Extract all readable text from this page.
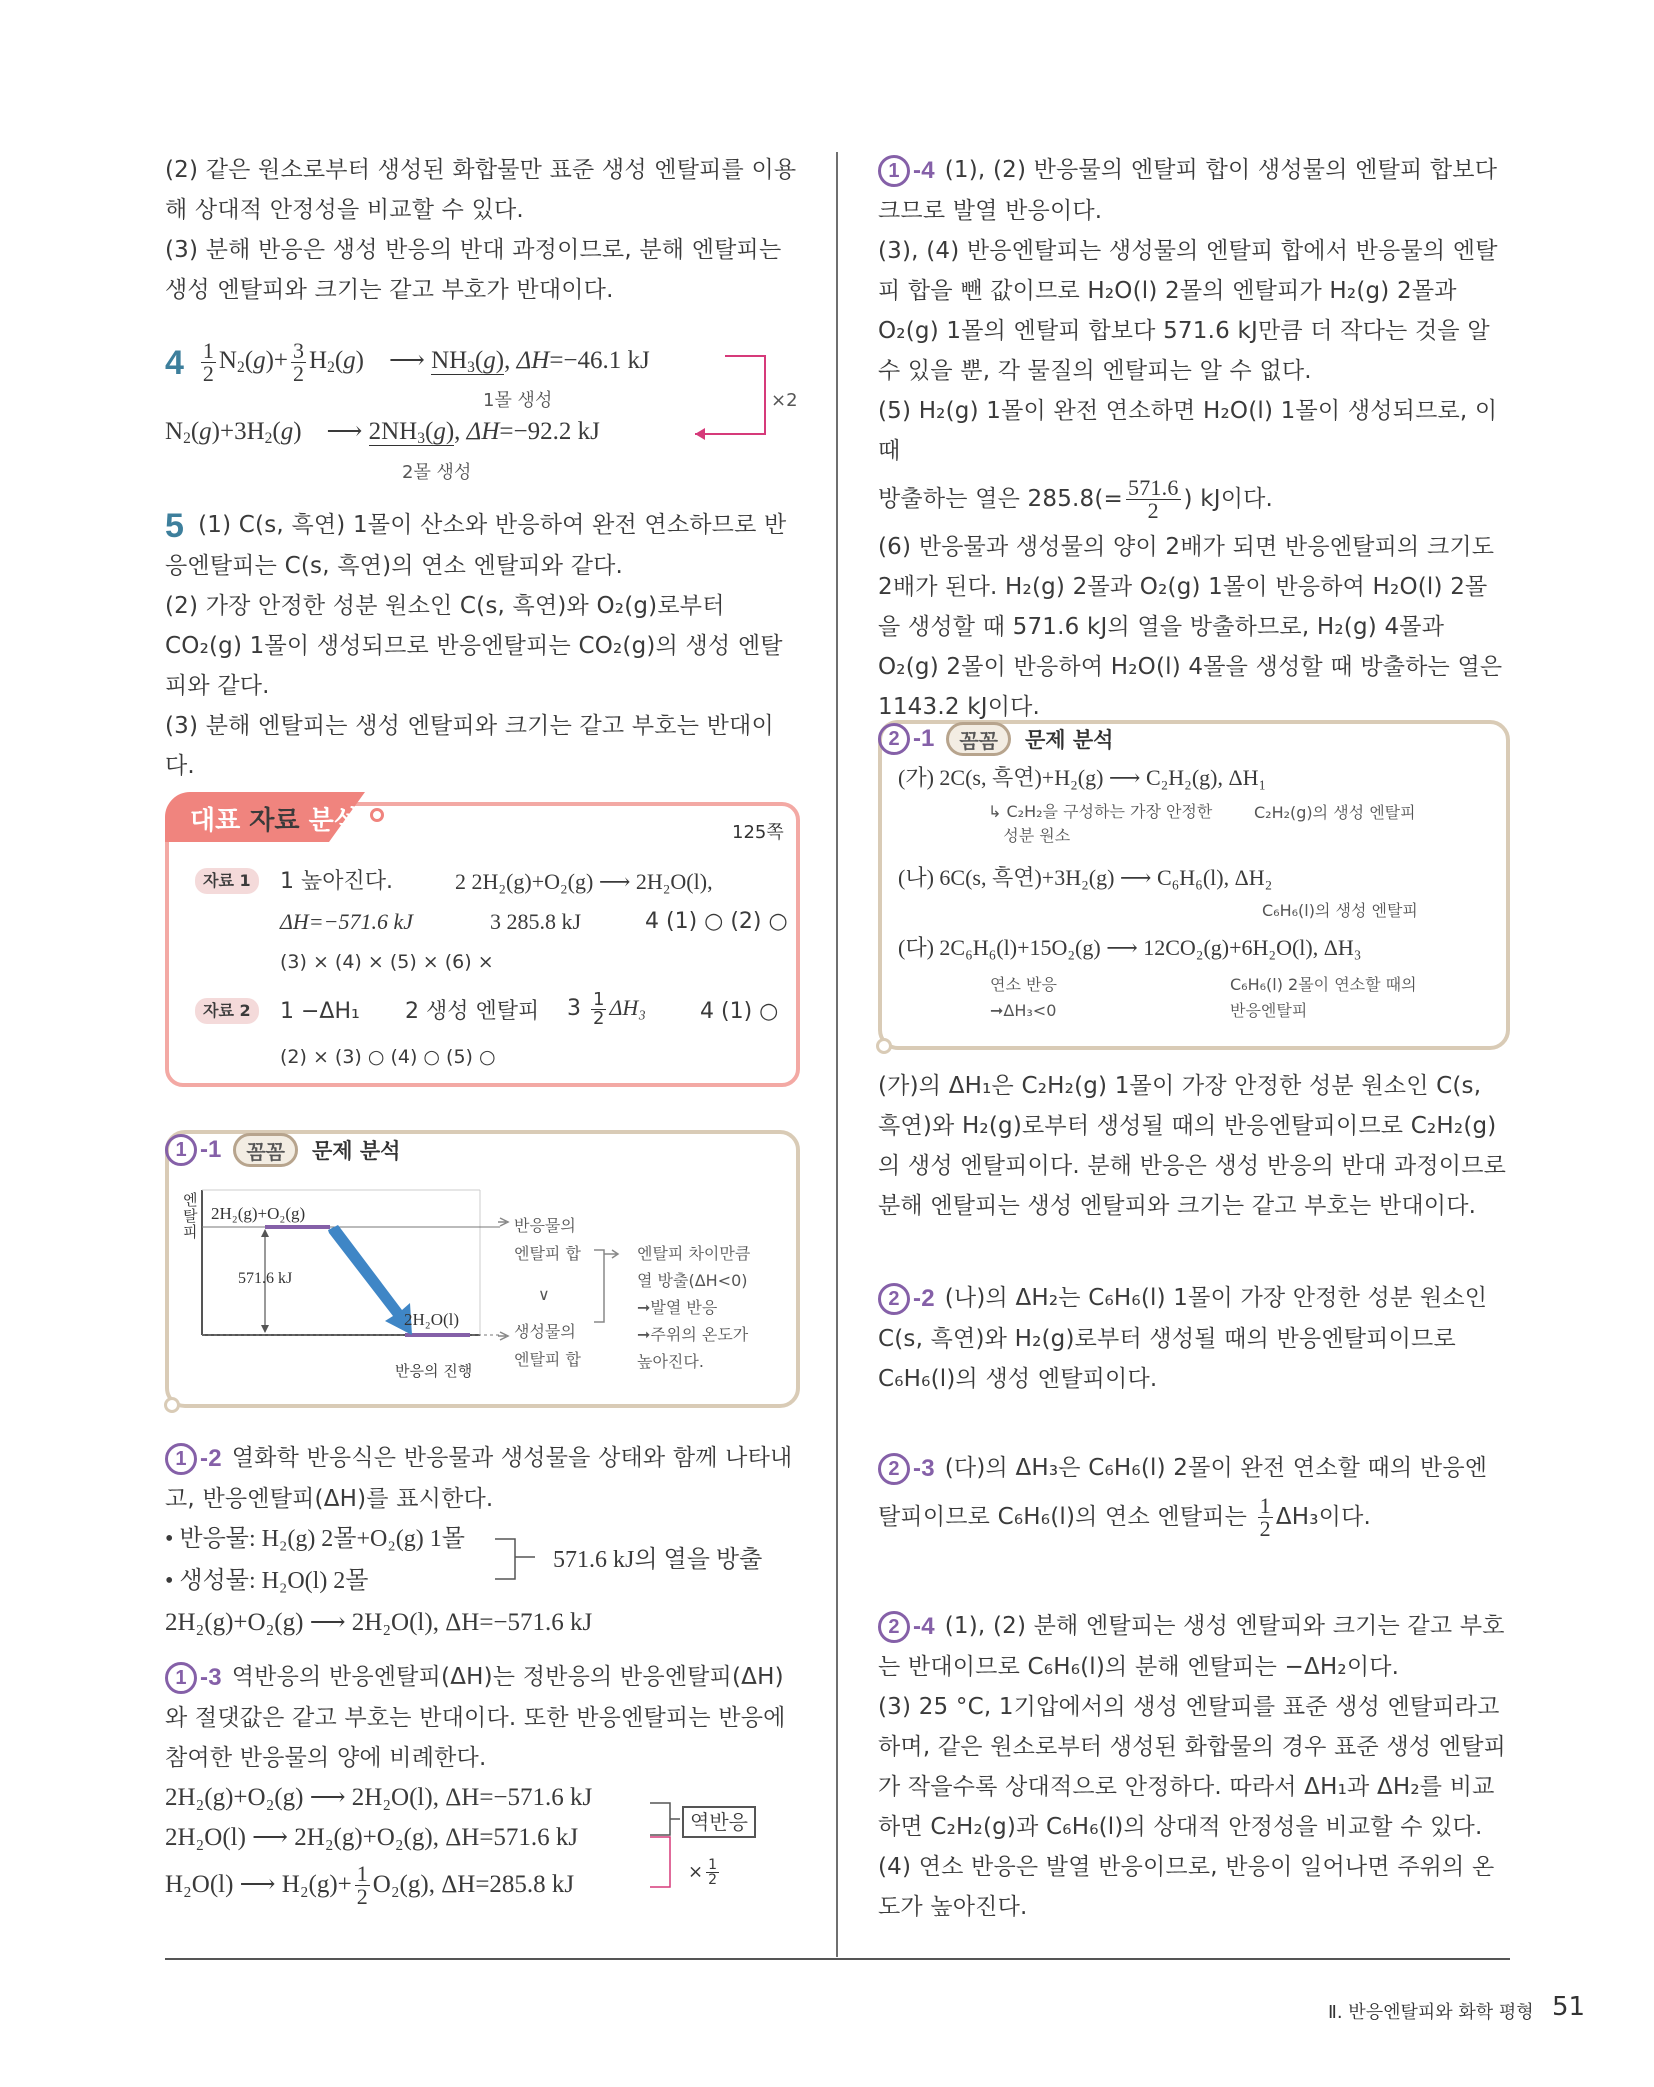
(2) 같은 원소로부터 생성된 화합물만 표준 생성 엔탈피를 이용해 상대적 안정성을 비교할 수 있다.

(3) 분해 반응은 생성 반응의 반대 과정이므로, 분해 엔탈피는 생성 엔탈피와 크기는 같고 부호가 반대이다.

$4 \frac{1}{2} N_2(g)+ \frac{3}{2} H_2(g)$    ⟶ $NH_3(g)$, ΔH=−46.1 kJ
1몰 생성
$N_2(g)+3H_2(g)$    ⟶ $2NH_3(g)$, ΔH=−92.2 kJ
2몰 생성
×2

5 (1) C(s, 흑연) 1몰이 산소와 반응하여 완전 연소하므로 반응엔탈피는 C(s, 흑연)의 연소 엔탈피와 같다.

(2) 가장 안정한 성분 원소인 C(s, 흑연)와 O₂(g)로부터 CO₂(g) 1몰이 생성되므로 반응엔탈피는 CO₂(g)의 생성 엔탈피와 같다.

(3) 분해 엔탈피는 생성 엔탈피와 크기는 같고 부호는 반대이다.

대표 자료 분석	125쪽
자료 1	1 높아진다.	2 2H₂(g)+O₂(g) ⟶ 2H₂O(l),
ΔH=−571.6 kJ	3 285.8 kJ	4 (1) ○ (2) ○
(3) × (4) × (5) × (6) ×
자료 2	1 −ΔH₁ 2 생성 엔탈피 $3 \frac{1}{2} \Delta H_3$ 4 (1) ○
(2) × (3) ○ (4) ○ (5) ○
1 -1	꼼꼼	문제 분석
엔탈피
2H₂(g)+O₂(g)
2H₂O(l)
571.6 kJ
반응의 진행
반응물의
엔탈피 합
∨
생성물의
엔탈피 합
엔탈피 차이만큼
열 방출(ΔH<0)
➞발열 반응
➞주위의 온도가
높아진다.

1 -2 열화학 반응식은 반응물과 생성물을 상태와 함께 나타내고, 반응엔탈피(ΔH)를 표시한다.

• 반응물: H₂(g) 2몰+O₂(g) 1몰
• 생성물: H₂O(l) 2몰
571.6 kJ의 열을 방출
2H₂(g)+O₂(g) ⟶ 2H₂O(l), ΔH=−571.6 kJ

1 -3 역반응의 반응엔탈피(ΔH)는 정반응의 반응엔탈피(ΔH)와 절댓값은 같고 부호는 반대이다. 또한 반응엔탈피는 반응에 참여한 반응물의 양에 비례한다.

2H₂(g)+O₂(g) ⟶ 2H₂O(l), ΔH=−571.6 kJ
2H₂O(l) ⟶ 2H₂(g)+O₂(g), ΔH=571.6 kJ
H₂O(l) ⟶ $H_2(g)+ \frac{1}{2} O_2(g)$, ΔH=285.8 kJ
역반응
× $\frac{1}{2}$

1 -4 (1), (2) 반응물의 엔탈피 합이 생성물의 엔탈피 합보다 크므로 발열 반응이다.

(3), (4) 반응엔탈피는 생성물의 엔탈피 합에서 반응물의 엔탈피 합을 뺀 값이므로 H₂O(l) 2몰의 엔탈피가 H₂(g) 2몰과 O₂(g) 1몰의 엔탈피 합보다 571.6 kJ만큼 더 작다는 것을 알 수 있을 뿐, 각 물질의 엔탈피는 알 수 없다.

(5) H₂(g) 1몰이 완전 연소하면 H₂O(l) 1몰이 생성되므로, 이때

방출하는 열은 $285.8(= \frac{571.6}{2}$ ) kJ이다.

(6) 반응물과 생성물의 양이 2배가 되면 반응엔탈피의 크기도 2배가 된다. H₂(g) 2몰과 O₂(g) 1몰이 반응하여 H₂O(l) 2몰을 생성할 때 571.6 kJ의 열을 방출하므로, H₂(g) 4몰과 O₂(g) 2몰이 반응하여 H₂O(l) 4몰을 생성할 때 방출하는 열은 1143.2 kJ이다.

2 -1	꼼꼼	문제 분석
(가) 2C(s, 흑연)+H₂(g) ⟶ C₂H₂(g), ΔH₁
↳ C₂H₂을 구성하는 가장 안정한
성분 원소
C₂H₂(g)의 생성 엔탈피
(나) 6C(s, 흑연)+3H₂(g) ⟶ C₆H₆(l), ΔH₂
C₆H₆(l)의 생성 엔탈피
(다) 2C₆H₆(l)+15O₂(g) ⟶ 12CO₂(g)+6H₂O(l), ΔH₃
연소 반응
➞ΔH₃<0
C₆H₆(l) 2몰이 연소할 때의
반응엔탈피

(가)의 ΔH₁은 C₂H₂(g) 1몰이 가장 안정한 성분 원소인 C(s, 흑연)와 H₂(g)로부터 생성될 때의 반응엔탈피이므로 C₂H₂(g)의 생성 엔탈피이다. 분해 반응은 생성 반응의 반대 과정이므로 분해 엔탈피는 생성 엔탈피와 크기는 같고 부호는 반대이다.

2 -2 (나)의 ΔH₂는 C₆H₆(l) 1몰이 가장 안정한 성분 원소인 C(s, 흑연)와 H₂(g)로부터 생성될 때의 반응엔탈피이므로 C₆H₆(l)의 생성 엔탈피이다.

2 -3 (다)의 ΔH₃은 C₆H₆(l) 2몰이 완전 연소할 때의 반응엔

탈피이므로 C₆H₆(l)의 연소 엔탈피는 $\frac{1}{2} \Delta H_3$이다.

2 -4 (1), (2) 분해 엔탈피는 생성 엔탈피와 크기는 같고 부호는 반대이므로 C₆H₆(l)의 분해 엔탈피는 −ΔH₂이다.

(3) 25 °C, 1기압에서의 생성 엔탈피를 표준 생성 엔탈피라고 하며, 같은 원소로부터 생성된 화합물의 경우 표준 생성 엔탈피가 작을수록 상대적으로 안정하다. 따라서 ΔH₁과 ΔH₂를 비교하면 C₂H₂(g)과 C₆H₆(l)의 상대적 안정성을 비교할 수 있다.

(4) 연소 반응은 발열 반응이므로, 반응이 일어나면 주위의 온도가 높아진다.

Ⅱ. 반응엔탈피와 화학 평형 51
